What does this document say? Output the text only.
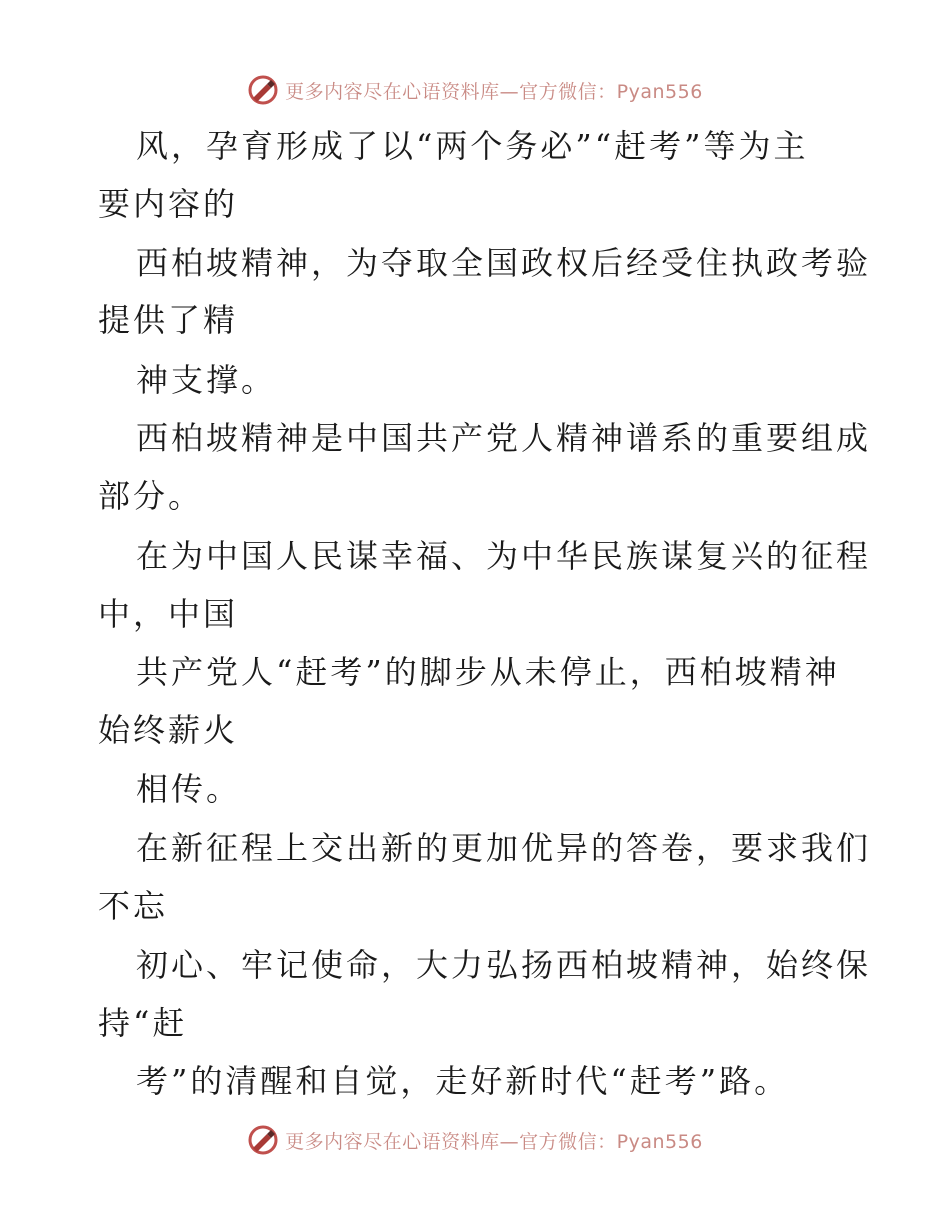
更多内容尽在心语资料库—官方微信：Pyan556
风，孕育形成了以“两个务必”“赶考”等为主
要内容的
西柏坡精神，为夺取全国政权后经受住执政考验
提供了精
神支撑。
西柏坡精神是中国共产党人精神谱系的重要组成
部分。
在为中国人民谋幸福、为中华民族谋复兴的征程
中，中国
共产党人“赶考”的脚步从未停止，西柏坡精神
始终薪火
相传。
在新征程上交出新的更加优异的答卷，要求我们
不忘
初心、牢记使命，大力弘扬西柏坡精神，始终保
持“赶
考”的清醒和自觉，走好新时代“赶考”路。
更多内容尽在心语资料库—官方微信：Pyan556
